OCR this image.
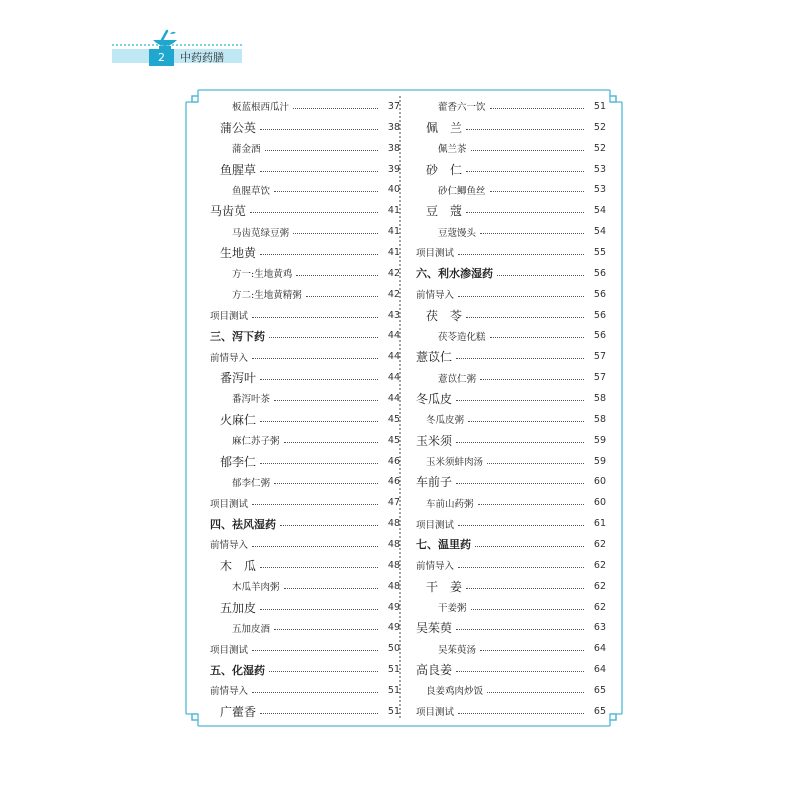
2	中药药膳
板蓝根西瓜汁	37
蒲公英	38
蒲金酒	38
鱼腥草	39
鱼腥草饮	40
马齿苋	41
马齿苋绿豆粥	41
生地黄	41
方一:生地黄鸡	42
方二:生地黄精粥	42
项目测试	43
三、泻下药	44
前情导入	44
番泻叶	44
番泻叶茶	44
火麻仁	45
麻仁苏子粥	45
郁李仁	46
郁李仁粥	46
项目测试	47
四、祛风湿药	48
前情导入	48
木　瓜	48
木瓜羊肉粥	48
五加皮	49
五加皮酒	49
项目测试	50
五、化湿药	51
前情导入	51
广藿香	51
藿香六一饮	51
佩　兰	52
佩兰茶	52
砂　仁	53
砂仁鲫鱼丝	53
豆　蔻	54
豆蔻馒头	54
项目测试	55
六、利水渗湿药	56
前情导入	56
茯　苓	56
茯苓造化糕	56
薏苡仁	57
薏苡仁粥	57
冬瓜皮	58
冬瓜皮粥	58
玉米须	59
玉米须蚌肉汤	59
车前子	60
车前山药粥	60
项目测试	61
七、温里药	62
前情导入	62
干　姜	62
干姜粥	62
吴茱萸	63
吴茱萸汤	64
高良姜	64
良姜鸡肉炒饭	65
项目测试	65
